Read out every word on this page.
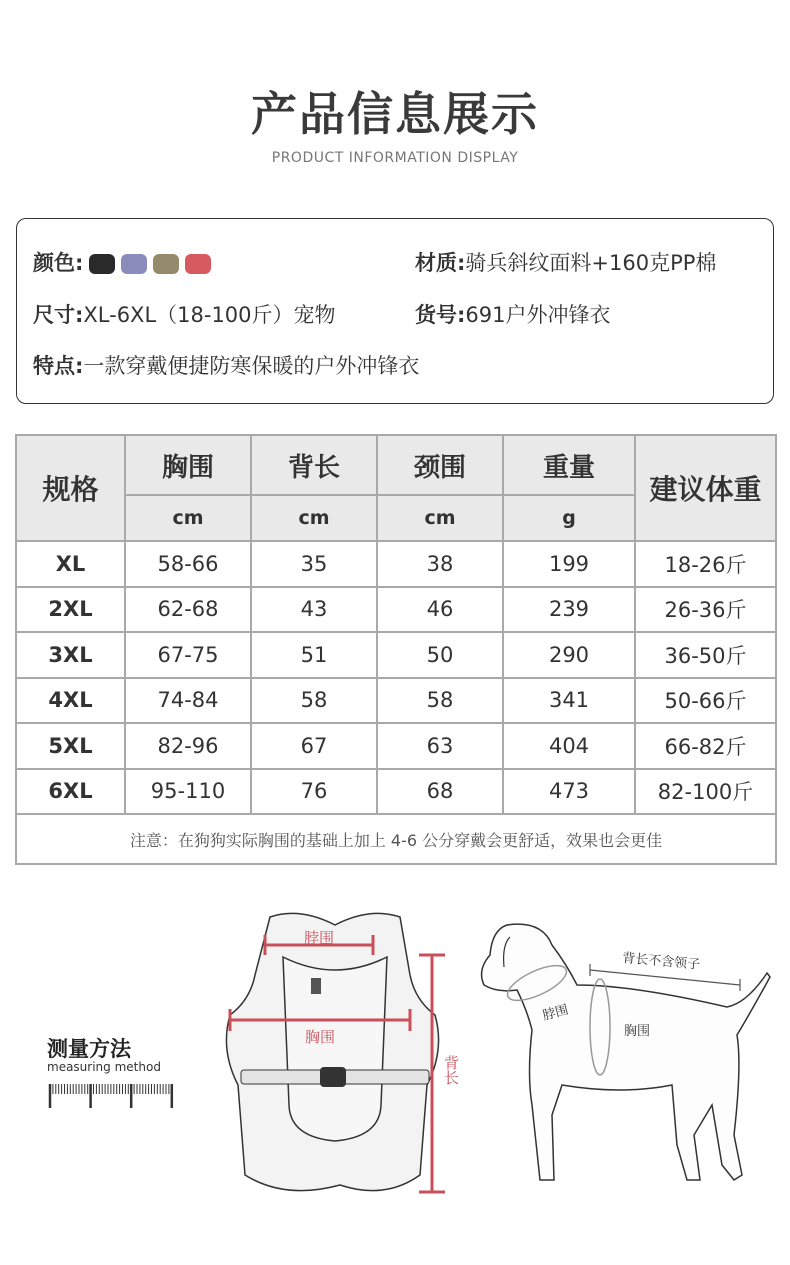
产品信息展示
PRODUCT INFORMATION DISPLAY
颜色:	材质:骑兵斜纹面料+160克PP棉
尺寸:XL-6XL（18-100斤）宠物	货号:691户外冲锋衣
特点:一款穿戴便捷防寒保暖的户外冲锋衣
规格	胸围	背长	颈围	重量	建议体重
	cm	cm	cm	g	
XL	58-66	35	38	199	18-26斤
2XL	62-68	43	46	239	26-36斤
3XL	67-75	51	50	290	36-50斤
4XL	74-84	58	58	341	50-66斤
5XL	82-96	67	63	404	66-82斤
6XL	95-110	76	68	473	82-100斤
注意：在狗狗实际胸围的基础上加上 4-6 公分穿戴会更舒适，效果也会更佳					
测量方法
measuring method
脖围
胸围
背长
背长不含领子
脖围
胸围
